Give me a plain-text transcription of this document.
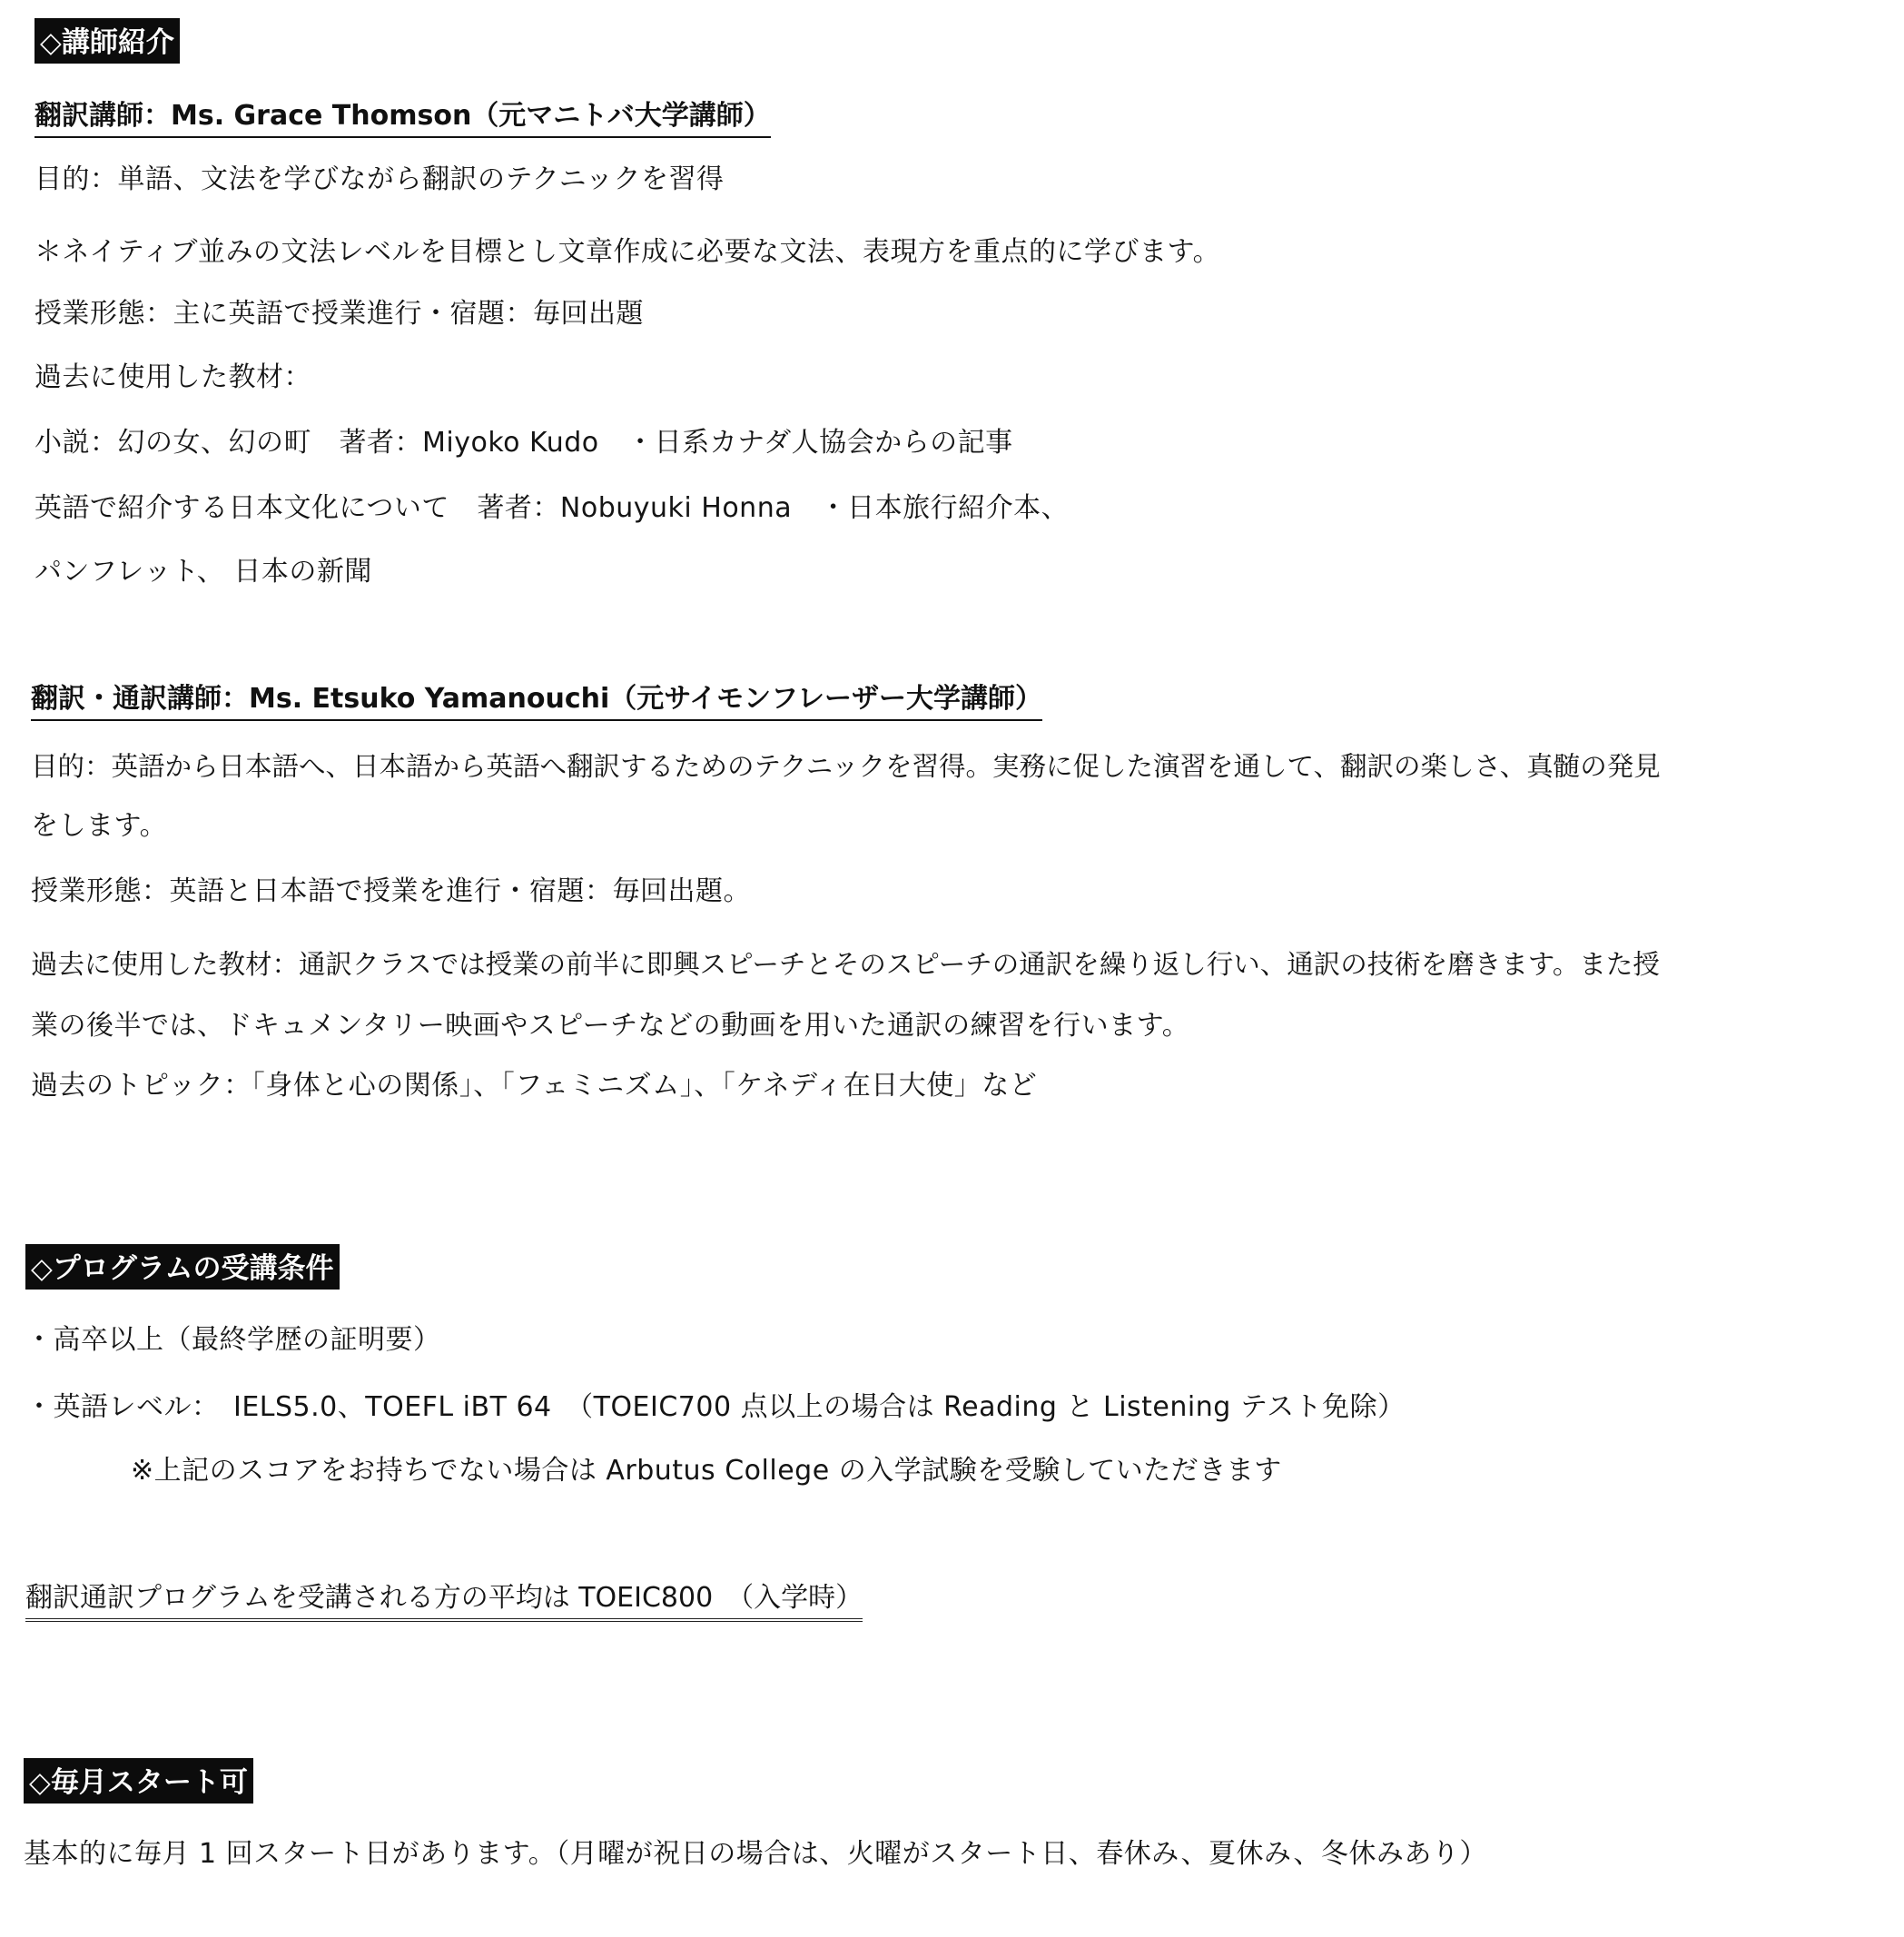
◇講師紹介
翻訳講師：Ms. Grace Thomson（元マニトバ大学講師）
目的：単語、文法を学びながら翻訳のテクニックを習得
＊ネイティブ並みの文法レベルを目標とし文章作成に必要な文法、表現方を重点的に学びます。
授業形態：主に英語で授業進行・宿題：毎回出題
過去に使用した教材：
小説：幻の女、幻の町　著者：Miyoko Kudo　・日系カナダ人協会からの記事
英語で紹介する日本文化について　著者：Nobuyuki Honna　・日本旅行紹介本、
パンフレット、 日本の新聞
翻訳・通訳講師：Ms. Etsuko Yamanouchi（元サイモンフレーザー大学講師）
目的：英語から日本語へ、日本語から英語へ翻訳するためのテクニックを習得。実務に促した演習を通して、翻訳の楽しさ、真髄の発見
をします。
授業形態：英語と日本語で授業を進行・宿題：毎回出題。
過去に使用した教材：通訳クラスでは授業の前半に即興スピーチとそのスピーチの通訳を繰り返し行い、通訳の技術を磨きます。また授
業の後半では、ドキュメンタリー映画やスピーチなどの動画を用いた通訳の練習を行います。
過去のトピック：「身体と心の関係」、「フェミニズム」、「ケネディ在日大使」など
◇プログラムの受講条件
・高卒以上（最終学歴の証明要）
・英語レベル：　IELS5.0、TOEFL iBT 64　（TOEIC700 点以上の場合は Reading と Listening テスト免除）
※上記のスコアをお持ちでない場合は Arbutus College の入学試験を受験していただきます
翻訳通訳プログラムを受講される方の平均は TOEIC800　（入学時）
◇毎月スタート可
基本的に毎月 1 回スタート日があります。（月曜が祝日の場合は、火曜がスタート日、春休み、夏休み、冬休みあり）
